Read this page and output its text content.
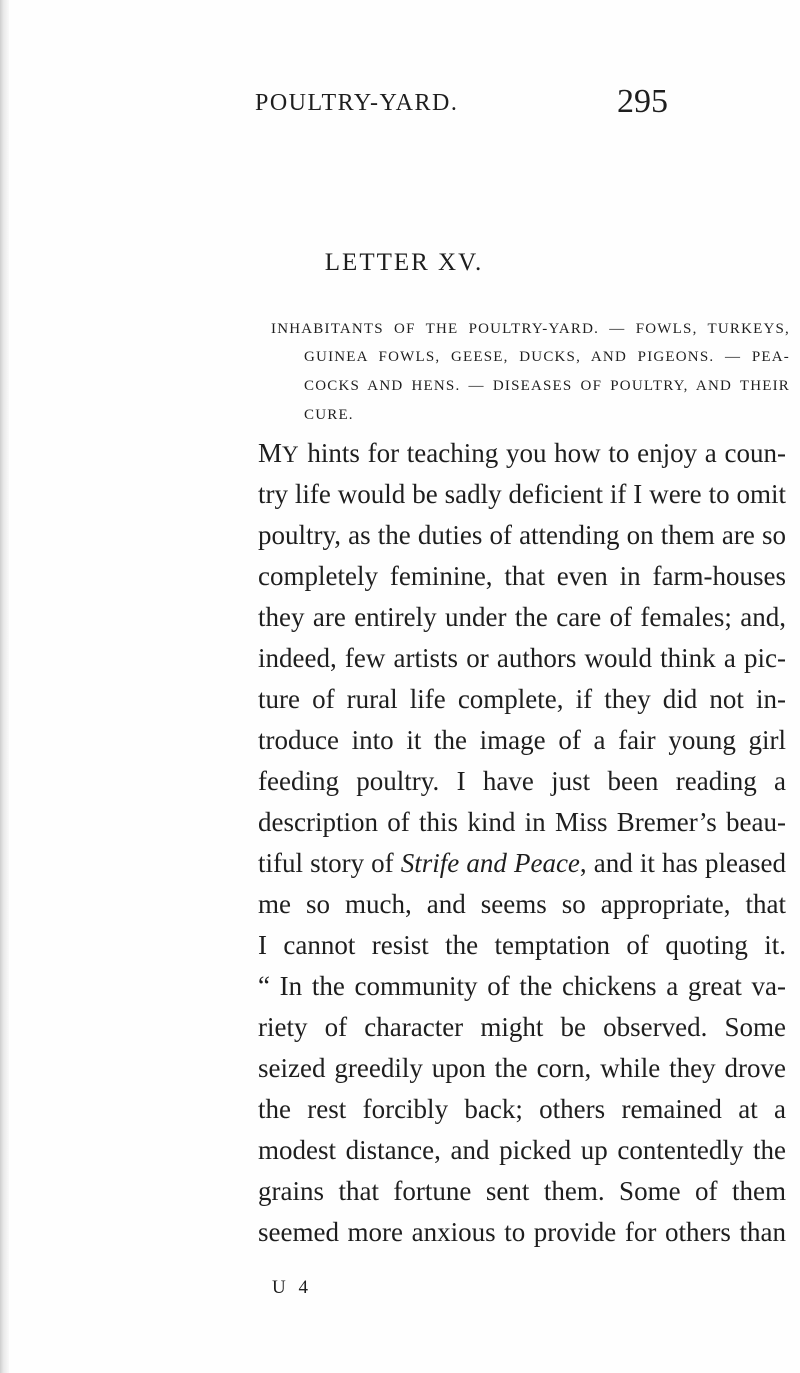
POULTRY-YARD.	295
LETTER XV.
INHABITANTS OF THE POULTRY-YARD. — FOWLS, TURKEYS,
GUINEA FOWLS, GEESE, DUCKS, AND PIGEONS. — PEA-
COCKS AND HENS. — DISEASES OF POULTRY, AND THEIR
CURE.
MY hints for teaching you how to enjoy a coun-
try life would be sadly deficient if I were to omit
poultry, as the duties of attending on them are so
completely feminine, that even in farm-houses
they are entirely under the care of females; and,
indeed, few artists or authors would think a pic-
ture of rural life complete, if they did not in-
troduce into it the image of a fair young girl
feeding poultry. I have just been reading a
description of this kind in Miss Bremer’s beau-
tiful story of Strife and Peace, and it has pleased
me so much, and seems so appropriate, that
I cannot resist the temptation of quoting it.
“ In the community of the chickens a great va-
riety of character might be observed. Some
seized greedily upon the corn, while they drove
the rest forcibly back; others remained at a
modest distance, and picked up contentedly the
grains that fortune sent them. Some of them
seemed more anxious to provide for others than
U 4
